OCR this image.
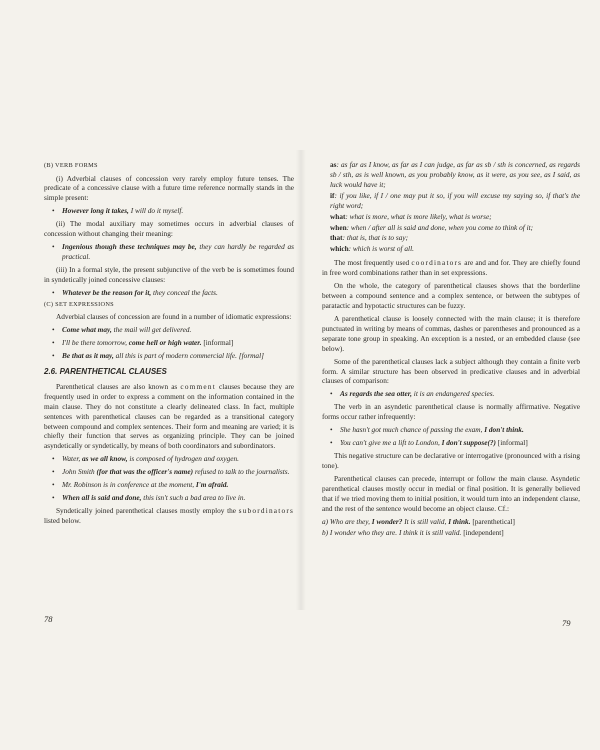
(B) VERB FORMS

(i) Adverbial clauses of concession very rarely employ future tenses. The predicate of a concessive clause with a future time reference normally stands in the simple present:

•	However long it takes, I will do it myself.

(ii) The modal auxiliary may sometimes occurs in adverbial clauses of concession without changing their meaning:

•	Ingenious though these techniques may be, they can hardly be regarded as practical.

(iii) In a formal style, the present subjunctive of the verb be is sometimes found in syndetically joined concessive clauses:

•	Whatever be the reason for it, they conceal the facts.
(C) SET EXPRESSIONS

Adverbial clauses of concession are found in a number of idiomatic expressions:

•	Come what may, the mail will get delivered.
•	I'll be there tomorrow, come hell or high water. [informal]
•	Be that as it may, all this is part of modern commercial life. [formal]
2.6. PARENTHETICAL CLAUSES

Parenthetical clauses are also known as comment clauses because they are frequently used in order to express a comment on the information contained in the main clause. They do not constitute a clearly delineated class. In fact, multiple sentences with parenthetical clauses can be regarded as a transitional category between compound and complex sentences. Their form and meaning are varied; it is chiefly their function that serves as organizing principle. They can be joined asyndetically or syndetically, by means of both coordinators and subordinators.

•	Water, as we all know, is composed of hydrogen and oxygen.
•	John Smith (for that was the officer's name) refused to talk to the journalists.
•	Mr. Robinson is in conference at the moment, I'm afraid.
•	When all is said and done, this isn't such a bad area to live in.

Syndetically joined parenthetical clauses mostly employ the subordinators listed below.

78

as: as far as I know, as far as I can judge, as far as sb / sth is concerned, as regards sb / sth, as is well known, as you probably know, as it were, as you see, as I said, as luck would have it;

if: if you like, if I / one may put it so, if you will excuse my saying so, if that's the right word;

what: what is more, what is more likely, what is worse;

when: when / after all is said and done, when you come to think of it;

that: that is, that is to say;

which: which is worst of all.

The most frequently used coordinators are and and for. They are chiefly found in free word combinations rather than in set expressions.

On the whole, the category of parenthetical clauses shows that the borderline between a compound sentence and a complex sentence, or between the subtypes of paratactic and hypotactic structures can be fuzzy.

A parenthetical clause is loosely connected with the main clause; it is therefore punctuated in writing by means of commas, dashes or parentheses and pronounced as a separate tone group in speaking. An exception is a nested, or an embedded clause (see below).

Some of the parenthetical clauses lack a subject although they contain a finite verb form. A similar structure has been observed in predicative clauses and in adverbial clauses of comparison:

•	As regards the sea otter, it is an endangered species.

The verb in an asyndetic parenthetical clause is normally affirmative. Negative forms occur rather infrequently:

•	She hasn't got much chance of passing the exam, I don't think.
•	You can't give me a lift to London, I don't suppose(?) [informal]

This negative structure can be declarative or interrogative (pronounced with a rising tone).

Parenthetical clauses can precede, interrupt or follow the main clause. Asyndetic parenthetical clauses mostly occur in medial or final position. It is generally believed that if we tried moving them to initial position, it would turn into an independent clause, and the rest of the sentence would become an object clause. Cf.:

a) Who are they, I wonder? It is still valid, I think. [parenthetical]

b) I wonder who they are. I think it is still valid. [independent]

79
